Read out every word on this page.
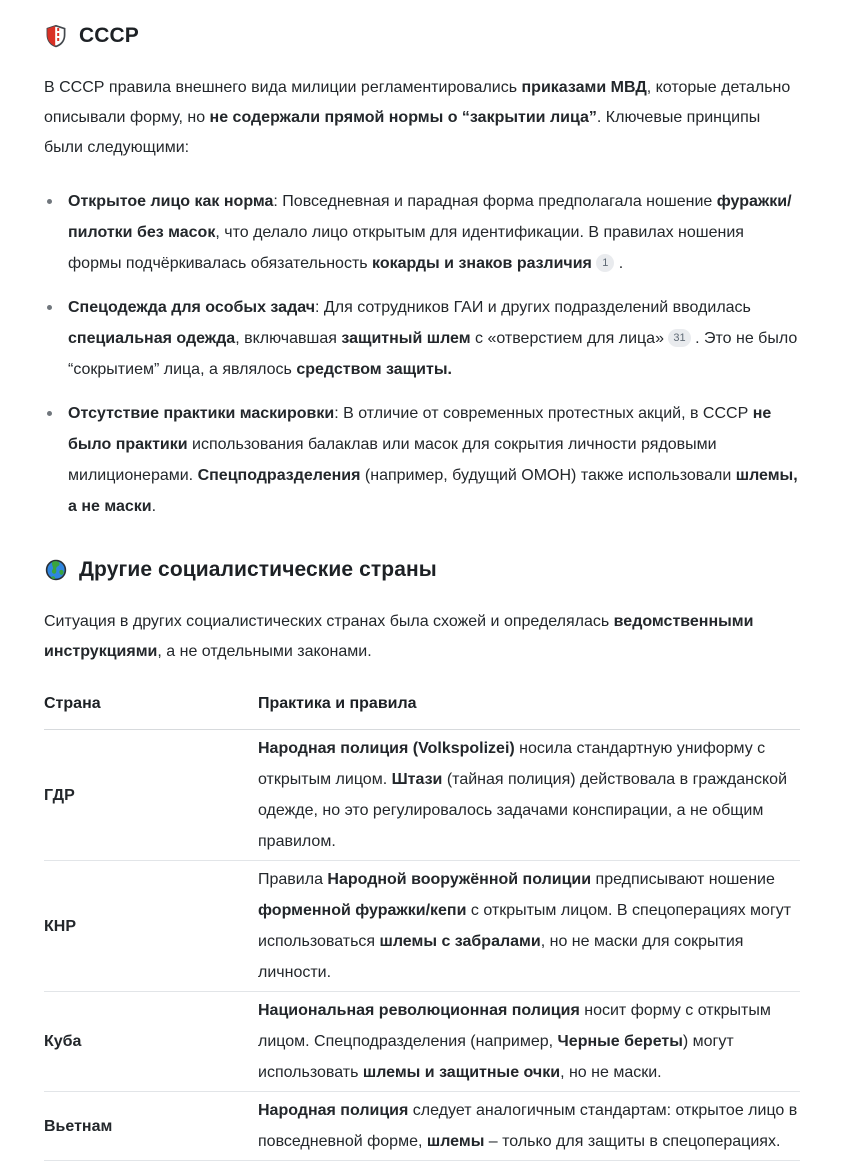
СССР

В СССР правила внешнего вида милиции регламентировались приказами МВД, которые детально описывали форму, но не содержали прямой нормы о “закрытии лица”. Ключевые принципы были следующими:

Открытое лицо как норма: Повседневная и парадная форма предполагала ношение фуражки/пилотки без масок, что делало лицо открытым для идентификации. В правилах ношения формы подчёркивалась обязательность кокарды и знаков различия 1 .
Спецодежда для особых задач: Для сотрудников ГАИ и других подразделений вводилась специальная одежда, включавшая защитный шлем с «отверстием для лица» 31 . Это не было “сокрытием” лица, а являлось средством защиты.
Отсутствие практики маскировки: В отличие от современных протестных акций, в СССР не было практики использования балаклав или масок для сокрытия личности рядовыми милиционерами. Спецподразделения (например, будущий ОМОН) также использовали шлемы, а не маски.
Другие социалистические страны

Ситуация в других социалистических странах была схожей и определялась ведомственными инструкциями, а не отдельными законами.

Страна	Практика и правила
ГДР	Народная полиция (Volkspolizei) носила стандартную униформу с открытым лицом. Штази (тайная полиция) действовала в гражданской одежде, но это регулировалось задачами конспирации, а не общим правилом.
КНР	Правила Народной вооружённой полиции предписывают ношение форменной фуражки/кепи с открытым лицом. В спецоперациях могут использоваться шлемы с забралами, но не маски для сокрытия личности.
Куба	Национальная революционная полиция носит форму с открытым лицом. Спецподразделения (например, Черные береты) могут использовать шлемы и защитные очки, но не маски.
Вьетнам	Народная полиция следует аналогичным стандартам: открытое лицо в повседневной форме, шлемы – только для защиты в спецоперациях.
